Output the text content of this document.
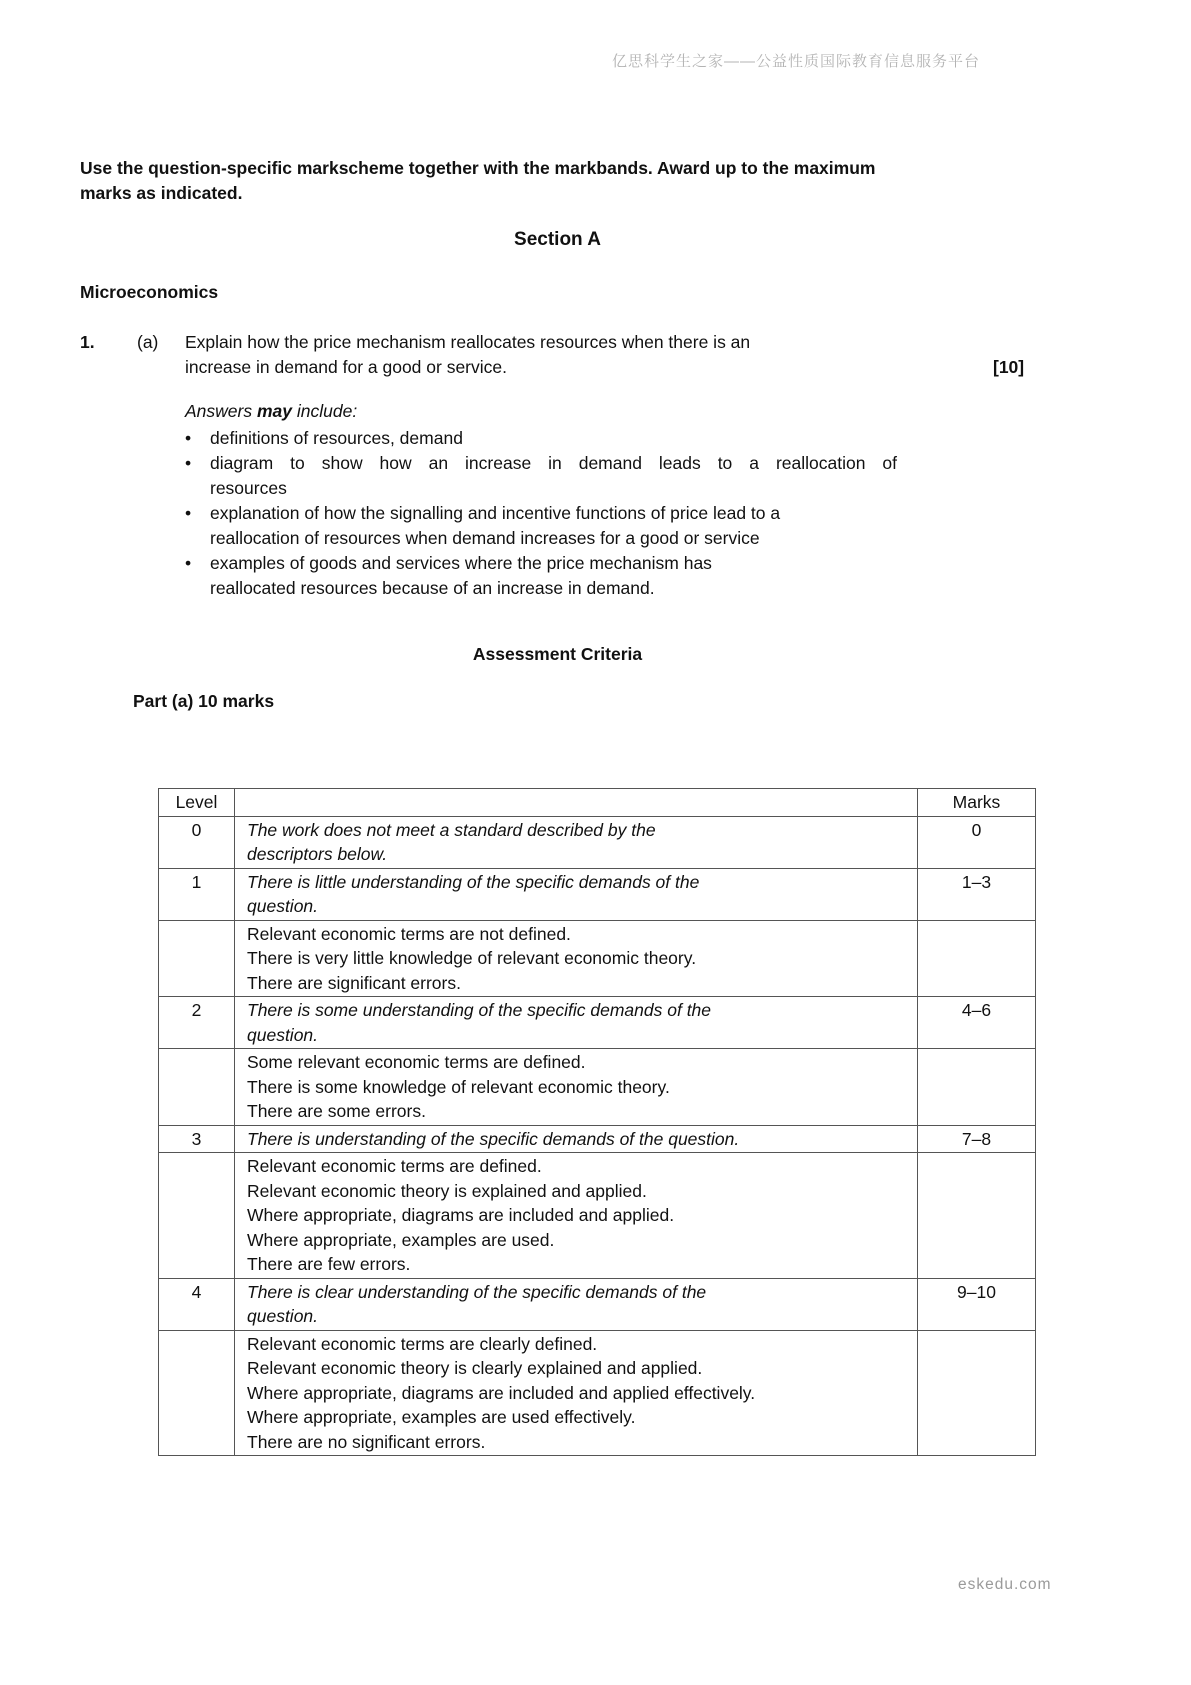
亿思科学生之家——公益性质国际教育信息服务平台
Use the question-specific markscheme together with the markbands. Award up to the maximum
marks as indicated.
Section A
Microeconomics
1.	(a)	Explain how the price mechanism reallocates resources when there is an
increase in demand for a good or service.	[10]
Answers may include:
•	definitions of resources, demand
•	diagram to show how an increase in demand leads to a reallocation of
resources
•	explanation of how the signalling and incentive functions of price lead to a
reallocation of resources when demand increases for a good or service
•	examples of goods and services where the price mechanism has
reallocated resources because of an increase in demand.
Assessment Criteria
Part (a) 10 marks
Level		Marks
0	The work does not meet a standard described by the
descriptors below.	0
1	There is little understanding of the specific demands of the
question.	1–3

	Relevant economic terms are not defined.
There is very little knowledge of relevant economic theory.
There are significant errors.	

2	There is some understanding of the specific demands of the
question.	4–6

	Some relevant economic terms are defined.
There is some knowledge of relevant economic theory.
There are some errors.	

3	There is understanding of the specific demands of the question.	7–8

	Relevant economic terms are defined.
Relevant economic theory is explained and applied.
Where appropriate, diagrams are included and applied.
Where appropriate, examples are used.
There are few errors.	

4	There is clear understanding of the specific demands of the
question.	9–10

	Relevant economic terms are clearly defined.
Relevant economic theory is clearly explained and applied.
Where appropriate, diagrams are included and applied effectively.
Where appropriate, examples are used effectively.
There are no significant errors.	

eskedu.com
